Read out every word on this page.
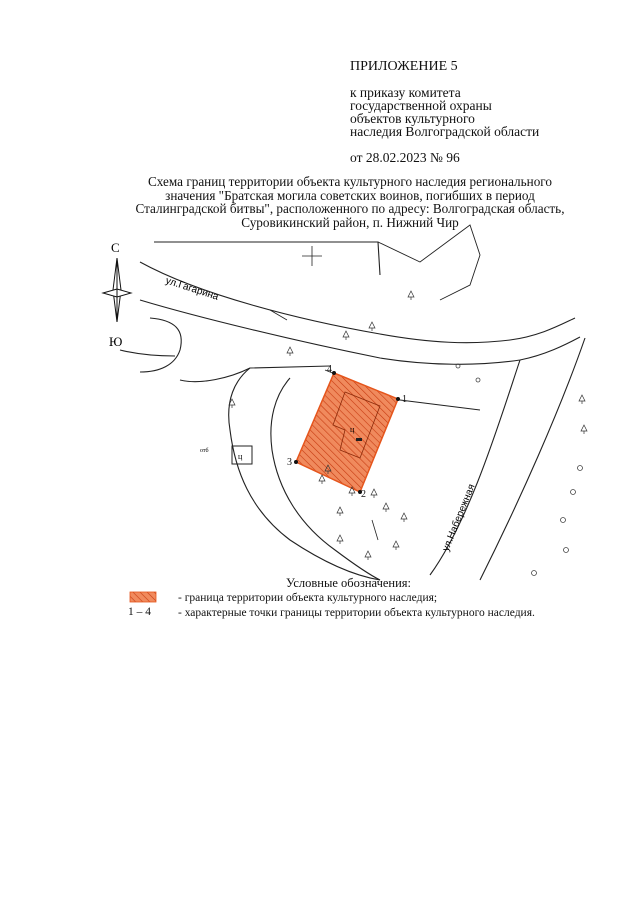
ПРИЛОЖЕНИЕ 5
к приказу комитета
государственной охраны
объектов культурного
наследия Волгоградской области
от 28.02.2023 № 96
Схема границ территории объекта культурного наследия регионального
значения "Братская могила советских воинов, погибших в период
Сталинградской битвы", расположенного по адресу: Волгоградская область,
Суровикинский район, п. Нижний Чир
С
Ю
1
2
3
4
ц
ц
отб
ул.Гагарина
ул.Набережная
Условные обозначения:
- граница территории объекта культурного наследия;
1 – 4 - характерные точки границы территории объекта культурного наследия.
